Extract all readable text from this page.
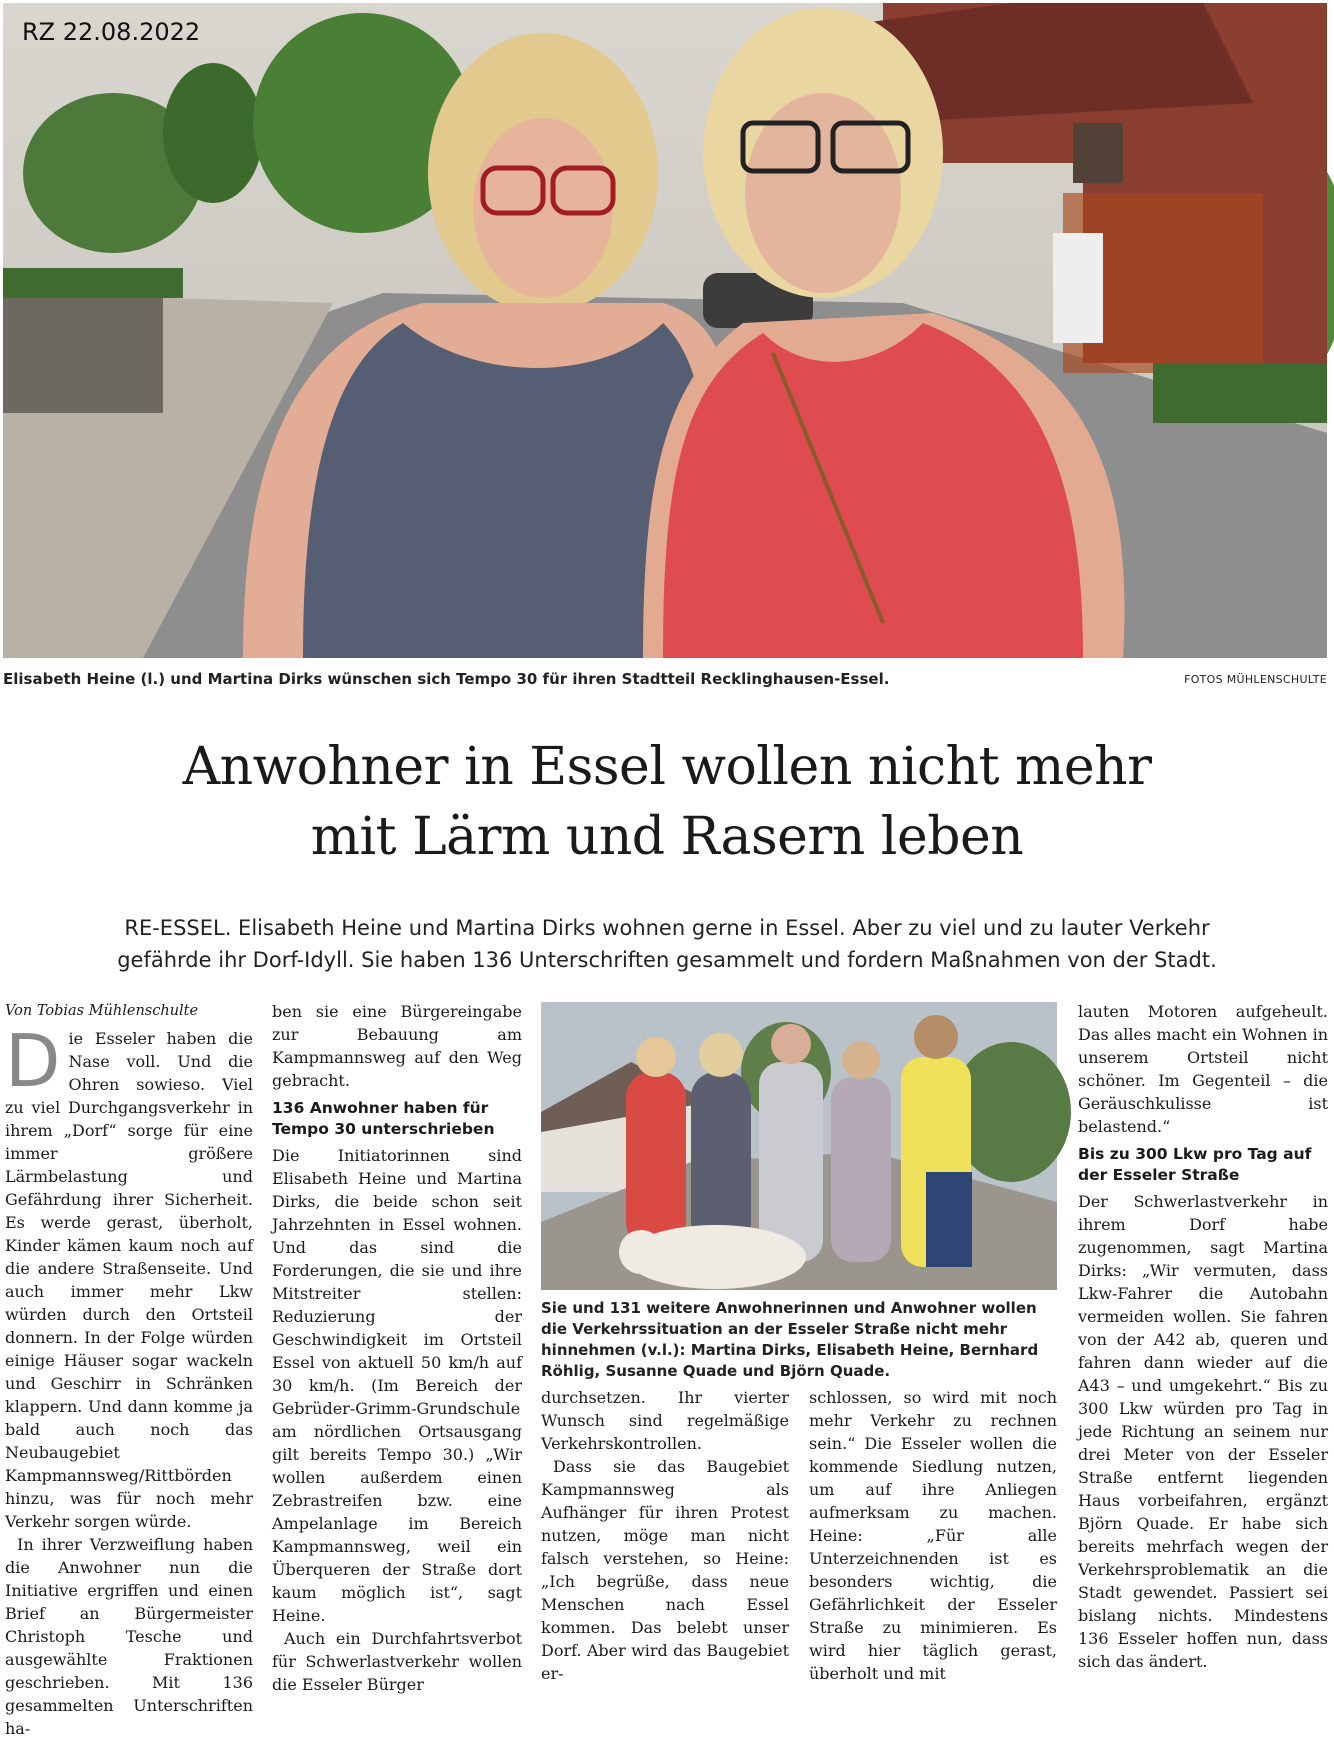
RZ 22.08.2022
Elisabeth Heine (l.) und Martina Dirks wünschen sich Tempo 30 für ihren Stadtteil Recklinghausen-Essel.	FOTOS MÜHLENSCHULTE
Anwohner in Essel wollen nicht mehr
mit Lärm und Rasern leben
RE-ESSEL. Elisabeth Heine und Martina Dirks wohnen gerne in Essel. Aber zu viel und zu lauter Verkehr
gefährde ihr Dorf-Idyll. Sie haben 136 Unterschriften gesammelt und fordern Maßnahmen von der Stadt.
Von Tobias Mühlenschulte

Die Esseler haben die Nase voll. Und die Ohren sowieso. Viel zu viel Durchgangsverkehr in ihrem „Dorf“ sorge für eine immer größere Lärmbelastung und Gefährdung ihrer Sicherheit. Es werde gerast, überholt, Kinder kämen kaum noch auf die andere Straßenseite. Und auch immer mehr Lkw würden durch den Ortsteil donnern. In der Folge würden einige Häuser sogar wackeln und Geschirr in Schränken klappern. Und dann komme ja bald auch noch das Neubaugebiet Kampmannsweg/Rittbörden hinzu, was für noch mehr Verkehr sorgen würde.

In ihrer Verzweiflung haben die Anwohner nun die Initiative ergriffen und einen Brief an Bürgermeister Christoph Tesche und ausgewählte Fraktionen geschrieben. Mit 136 gesammelten Unterschriften ha-

ben sie eine Bürgereingabe zur Bebauung am Kampmannsweg auf den Weg gebracht.

136 Anwohner haben für Tempo 30 unterschrieben

Die Initiatorinnen sind Elisabeth Heine und Martina Dirks, die beide schon seit Jahrzehnten in Essel wohnen. Und das sind die Forderungen, die sie und ihre Mitstreiter stellen: Reduzierung der Geschwindigkeit im Ortsteil Essel von aktuell 50 km/h auf 30 km/h. (Im Bereich der Gebrüder-Grimm-Grundschule am nördlichen Ortsausgang gilt bereits Tempo 30.) „Wir wollen außerdem einen Zebrastreifen bzw. eine Ampelanlage im Bereich Kampmannsweg, weil ein Überqueren der Straße dort kaum möglich ist“, sagt Heine.

Auch ein Durchfahrtsverbot für Schwerlastverkehr wollen die Esseler Bürger

Sie und 131 weitere Anwohnerinnen und Anwohner wollen die Verkehrssituation an der Esseler Straße nicht mehr hinnehmen (v.l.): Martina Dirks, Elisabeth Heine, Bernhard Röhlig, Susanne Quade und Björn Quade.

durchsetzen. Ihr vierter Wunsch sind regelmäßige Verkehrskontrollen.

Dass sie das Baugebiet Kampmannsweg als Aufhänger für ihren Protest nutzen, möge man nicht falsch verstehen, so Heine: „Ich begrüße, dass neue Menschen nach Essel kommen. Das belebt unser Dorf. Aber wird das Baugebiet er-

schlossen, so wird mit noch mehr Verkehr zu rechnen sein.“ Die Esseler wollen die kommende Siedlung nutzen, um auf ihre Anliegen aufmerksam zu machen. Heine: „Für alle Unterzeichnenden ist es besonders wichtig, die Gefährlichkeit der Esseler Straße zu minimieren. Es wird hier täglich gerast, überholt und mit

lauten Motoren aufgeheult. Das alles macht ein Wohnen in unserem Ortsteil nicht schöner. Im Gegenteil – die Geräuschkulisse ist belastend.“

Bis zu 300 Lkw pro Tag auf der Esseler Straße

Der Schwerlastverkehr in ihrem Dorf habe zugenommen, sagt Martina Dirks: „Wir vermuten, dass Lkw-Fahrer die Autobahn vermeiden wollen. Sie fahren von der A42 ab, queren und fahren dann wieder auf die A43 – und umgekehrt.“ Bis zu 300 Lkw würden pro Tag in jede Richtung an seinem nur drei Meter von der Esseler Straße entfernt liegenden Haus vorbeifahren, ergänzt Björn Quade. Er habe sich bereits mehrfach wegen der Verkehrsproblematik an die Stadt gewendet. Passiert sei bislang nichts. Mindestens 136 Esseler hoffen nun, dass sich das ändert.
